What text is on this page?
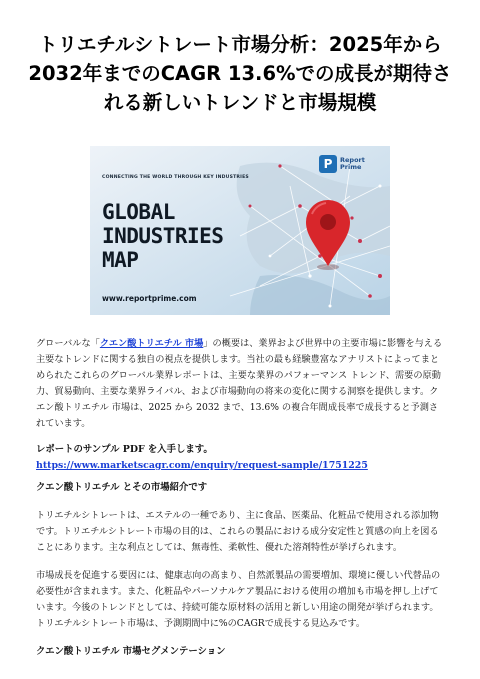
トリエチルシトレート市場分析：2025年から2032年までのCAGR 13.6%での成長が期待される新しいトレンドと市場規模
P	Report
Prime
CONNECTING THE WORLD THROUGH KEY INDUSTRIES
GLOBAL
INDUSTRIES
MAP
www.reportprime.com

グローバルな「クエン酸トリエチル 市場」の概要は、業界および世界中の主要市場に影響を与える主要なトレンドに関する独自の視点を提供します。当社の最も経験豊富なアナリストによってまとめられたこれらのグローバル業界レポートは、主要な業界のパフォーマンス トレンド、需要の原動力、貿易動向、主要な業界ライバル、および市場動向の将来の変化に関する洞察を提供します。クエン酸トリエチル 市場は、2025 から 2032 まで、13.6% の複合年間成長率で成長すると予測されています。

レポートのサンプル PDF を入手します。 https://www.marketscagr.com/enquiry/request-sample/1751225

クエン酸トリエチル とその市場紹介です

トリエチルシトレートは、エステルの一種であり、主に食品、医薬品、化粧品で使用される添加物です。トリエチルシトレート市場の目的は、これらの製品における成分安定性と質感の向上を図ることにあります。主な利点としては、無毒性、柔軟性、優れた溶剤特性が挙げられます。

市場成長を促進する要因には、健康志向の高まり、自然派製品の需要増加、環境に優しい代替品の必要性が含まれます。また、化粧品やパーソナルケア製品における使用の増加も市場を押し上げています。今後のトレンドとしては、持続可能な原材料の活用と新しい用途の開発が挙げられます。トリエチルシトレート市場は、予測期間中に%のCAGRで成長する見込みです。

クエン酸トリエチル 市場セグメンテーション
